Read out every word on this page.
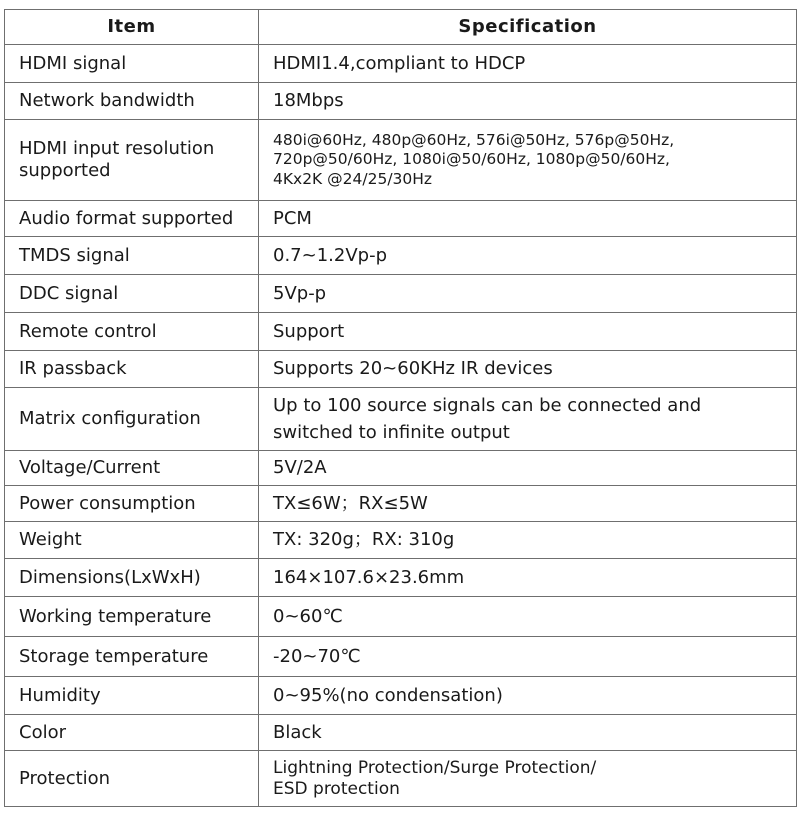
Item	Specification
HDMI signal	HDMI1.4,compliant to HDCP

Network bandwidth	18Mbps

HDMI input resolution supported	480i@60Hz, 480p@60Hz, 576i@50Hz, 576p@50Hz,
720p@50/60Hz, 1080i@50/60Hz, 1080p@50/60Hz,
4Kx2K @24/25/30Hz

Audio format supported	PCM

TMDS signal	0.7~1.2Vp-p

DDC signal	5Vp-p

Remote control	Support

IR passback	Supports 20~60KHz IR devices

Matrix configuration	Up to 100 source signals can be connected and
switched to infinite output

Voltage/Current	5V/2A

Power consumption	TX≤6W；RX≤5W

Weight	TX: 320g；RX: 310g

Dimensions(LxWxH)	164×107.6×23.6mm

Working temperature	0~60℃

Storage temperature	-20~70℃

Humidity	0~95%(no condensation)

Color	Black

Protection	Lightning Protection/Surge Protection/
ESD protection
